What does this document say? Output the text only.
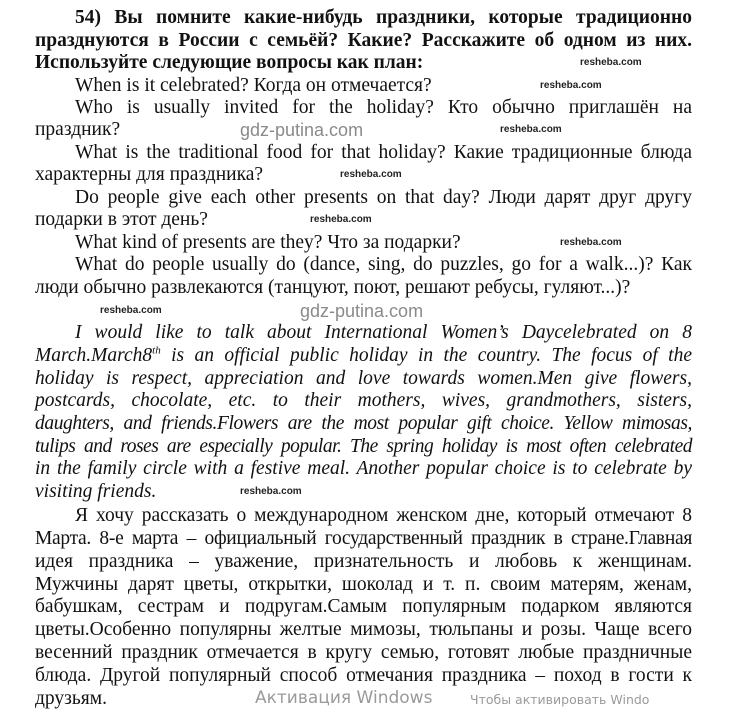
54) Вы помните какие-нибудь праздники, которые традиционно
празднуются в России с семьёй? Какие? Расскажите об одном из них.
Используйте следующие вопросы как план:
When is it celebrated? Когда он отмечается?
Who is usually invited for the holiday? Кто обычно приглашён на
праздник?
What is the traditional food for that holiday? Какие традиционные блюда
характерны для праздника?
Do people give each other presents on that day? Люди дарят друг другу
подарки в этот день?
What kind of presents are they? Что за подарки?
What do people usually do (dance, sing, do puzzles, go for a walk...)? Как
люди обычно развлекаются (танцуют, поют, решают ребусы, гуляют...)?
I would like to talk about International Women’s Daycelebrated on 8
March.March8th is an official public holiday in the country. The focus of the
holiday is respect, appreciation and love towards women.Men give flowers,
postcards, chocolate, etc. to their mothers, wives, grandmothers, sisters,
daughters, and friends.Flowers are the most popular gift choice. Yellow mimosas,
tulips and roses are especially popular. The spring holiday is most often celebrated
in the family circle with a festive meal. Another popular choice is to celebrate by
visiting friends.
Я хочу рассказать о международном женском дне, который отмечают 8
Марта. 8-е марта – официальный государственный праздник в стране.Главная
идея праздника – уважение, признательность и любовь к женщинам.
Мужчины дарят цветы, открытки, шоколад и т. п. своим матерям, женам,
бабушкам, сестрам и подругам.Самым популярным подарком являются
цветы.Особенно популярны желтые мимозы, тюльпаны и розы. Чаще всего
весенний праздник отмечается в кругу семью, готовят любые праздничные
блюда. Другой популярный способ отмечания праздника – поход в гости к
друзьям.
resheba.com
resheba.com
resheba.com
resheba.com
resheba.com
resheba.com
resheba.com
resheba.com	gdz-putina.com
gdz-putina.com
Активация Windows	Чтобы активировать Windo
